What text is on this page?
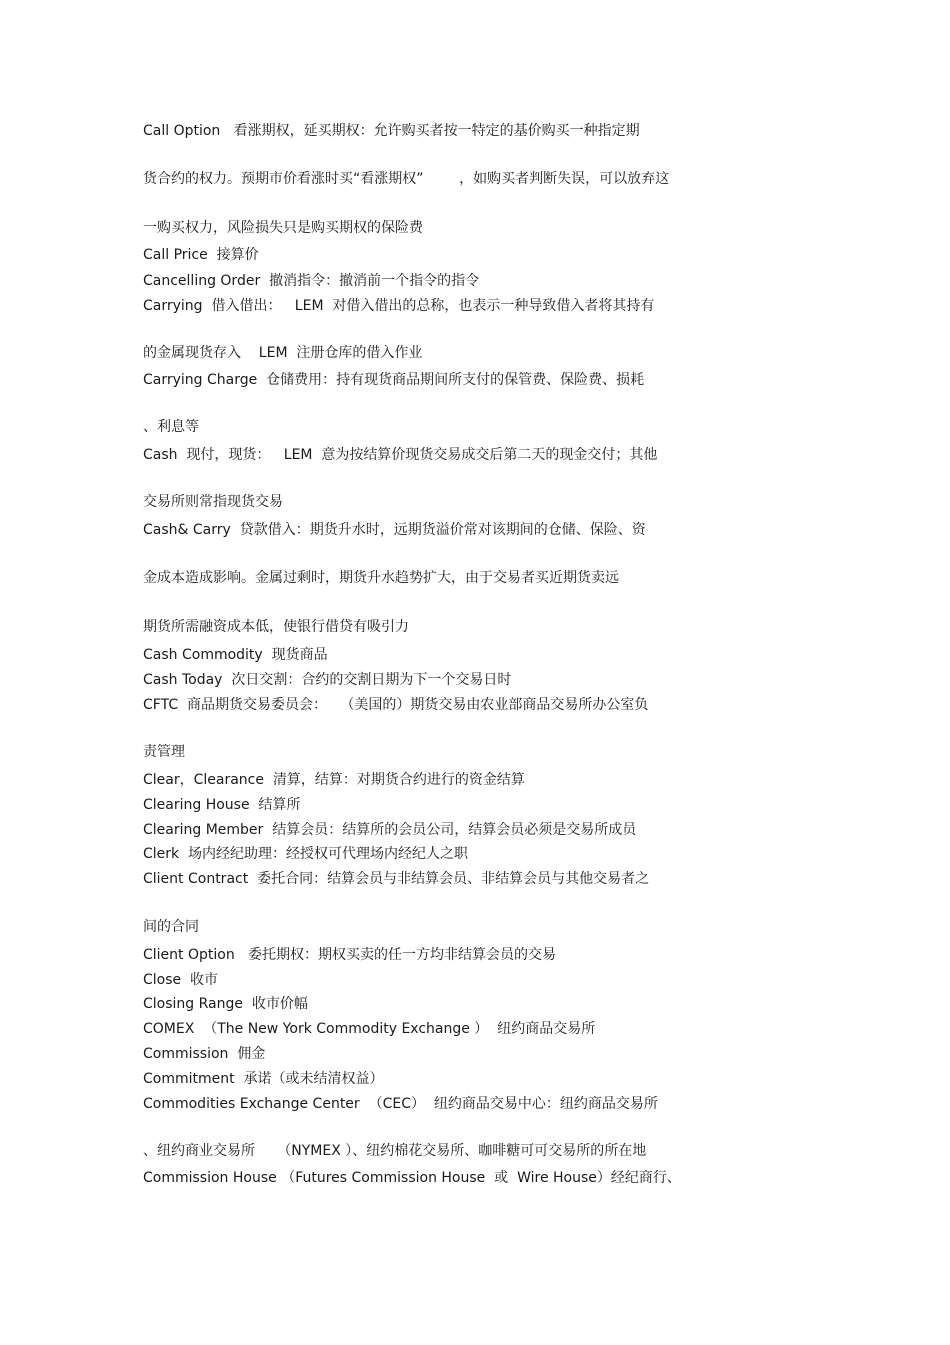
Call Option   看涨期权，延买期权：允许购买者按一特定的基价购买一种指定期
货合约的权力。预期市价看涨时买“看涨期权”        ，如购买者判断失误，可以放弃这
一购买权力，风险损失只是购买期权的保险费
Call Price  接算价
Cancelling Order  撤消指令：撤消前一个指令的指令
Carrying  借入借出：   LEM  对借入借出的总称，也表示一种导致借入者将其持有
的金属现货存入    LEM  注册仓库的借入作业
Carrying Charge  仓储费用：持有现货商品期间所支付的保管费、保险费、损耗
、利息等
Cash  现付，现货：   LEM  意为按结算价现货交易成交后第二天的现金交付；其他
交易所则常指现货交易
Cash& Carry  贷款借入：期货升水时，远期货溢价常对该期间的仓储、保险、资
金成本造成影响。金属过剩时，期货升水趋势扩大，由于交易者买近期货卖远
期货所需融资成本低，使银行借贷有吸引力
Cash Commodity  现货商品
Cash Today  次日交割：合约的交割日期为下一个交易日时
CFTC  商品期货交易委员会：   （美国的）期货交易由农业部商品交易所办公室负
责管理
Clear，Clearance  清算，结算：对期货合约进行的资金结算
Clearing House  结算所
Clearing Member  结算会员：结算所的会员公司，结算会员必须是交易所成员
Clerk  场内经纪助理：经授权可代理场内经纪人之职
Client Contract  委托合同：结算会员与非结算会员、非结算会员与其他交易者之
间的合同
Client Option   委托期权：期权买卖的任一方均非结算会员的交易
Close  收市
Closing Range  收市价幅
COMEX  （The New York Commodity Exchange ）  纽约商品交易所
Commission  佣金
Commitment  承诺（或未结清权益）
Commodities Exchange Center  （CEC）  纽约商品交易中心：纽约商品交易所
、纽约商业交易所     （NYMEX ）、纽约棉花交易所、咖啡糖可可交易所的所在地
Commission House （Futures Commission House  或  Wire House）经纪商行、
